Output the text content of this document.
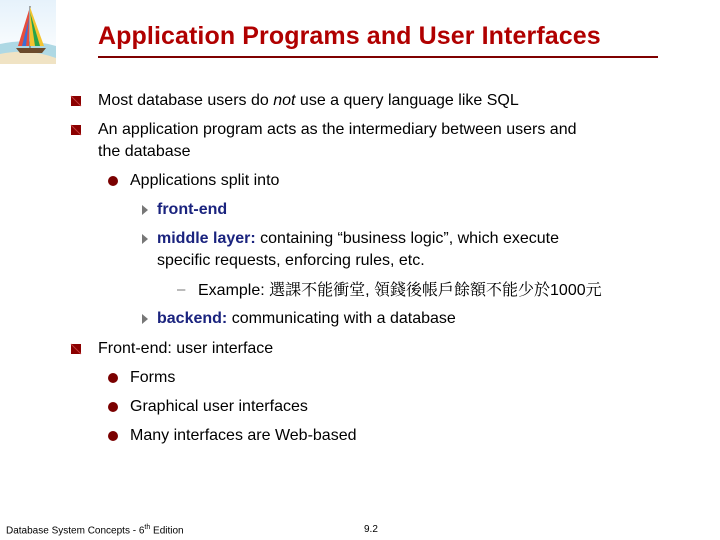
Application Programs and User Interfaces
Most database users do not use a query language like SQL
An application program acts as the intermediary between users and
the database
Applications split into
front-end
middle layer: containing “business logic”, which execute
specific requests, enforcing rules, etc.
– Example: 選課不能衝堂, 領錢後帳戶餘額不能少於1000元
backend: communicating with a database
Front-end: user interface
Forms
Graphical user interfaces
Many interfaces are Web-based
Database System Concepts - 6th Edition	9.2
